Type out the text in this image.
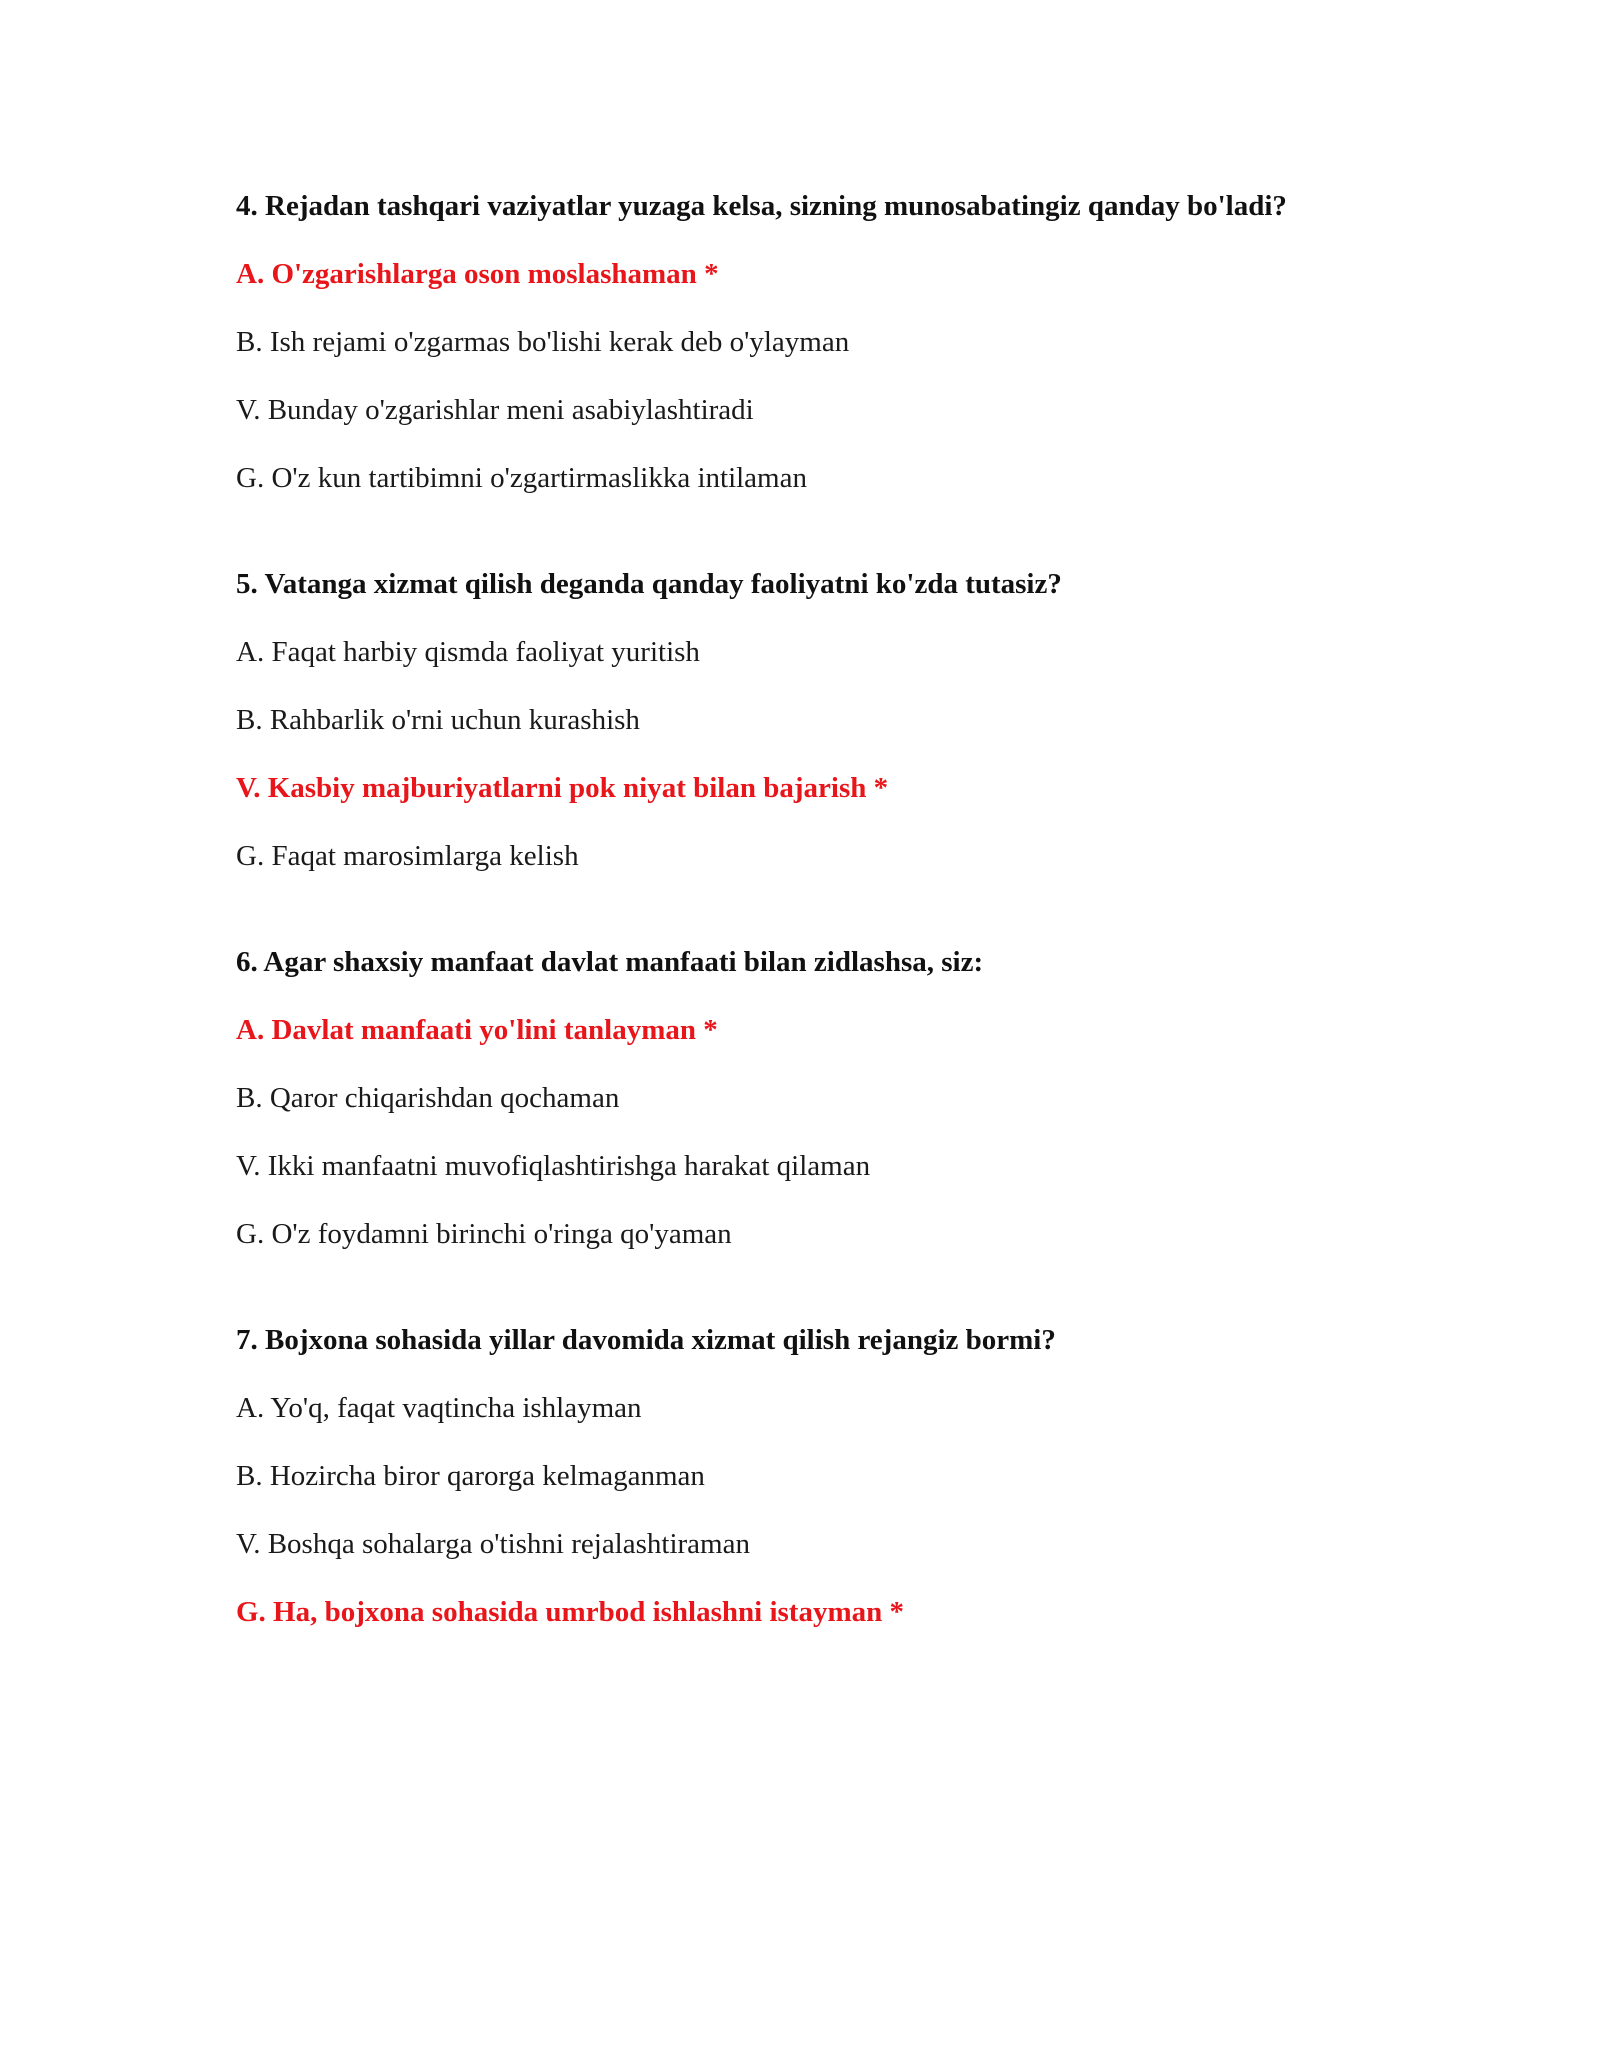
4. Rejadan tashqari vaziyatlar yuzaga kelsa, sizning munosabatingiz qanday bo'ladi?

A. O'zgarishlarga oson moslashaman *

B. Ish rejami o'zgarmas bo'lishi kerak deb o'ylayman

V. Bunday o'zgarishlar meni asabiylashtiradi

G. O'z kun tartibimni o'zgartirmaslikka intilaman

5. Vatanga xizmat qilish deganda qanday faoliyatni ko'zda tutasiz?

A. Faqat harbiy qismda faoliyat yuritish

B. Rahbarlik o'rni uchun kurashish

V. Kasbiy majburiyatlarni pok niyat bilan bajarish *

G. Faqat marosimlarga kelish

6. Agar shaxsiy manfaat davlat manfaati bilan zidlashsa, siz:

A. Davlat manfaati yo'lini tanlayman *

B. Qaror chiqarishdan qochaman

V. Ikki manfaatni muvofiqlashtirishga harakat qilaman

G. O'z foydamni birinchi o'ringa qo'yaman

7. Bojxona sohasida yillar davomida xizmat qilish rejangiz bormi?

A. Yo'q, faqat vaqtincha ishlayman

B. Hozircha biror qarorga kelmaganman

V. Boshqa sohalarga o'tishni rejalashtiraman

G. Ha, bojxona sohasida umrbod ishlashni istayman *
